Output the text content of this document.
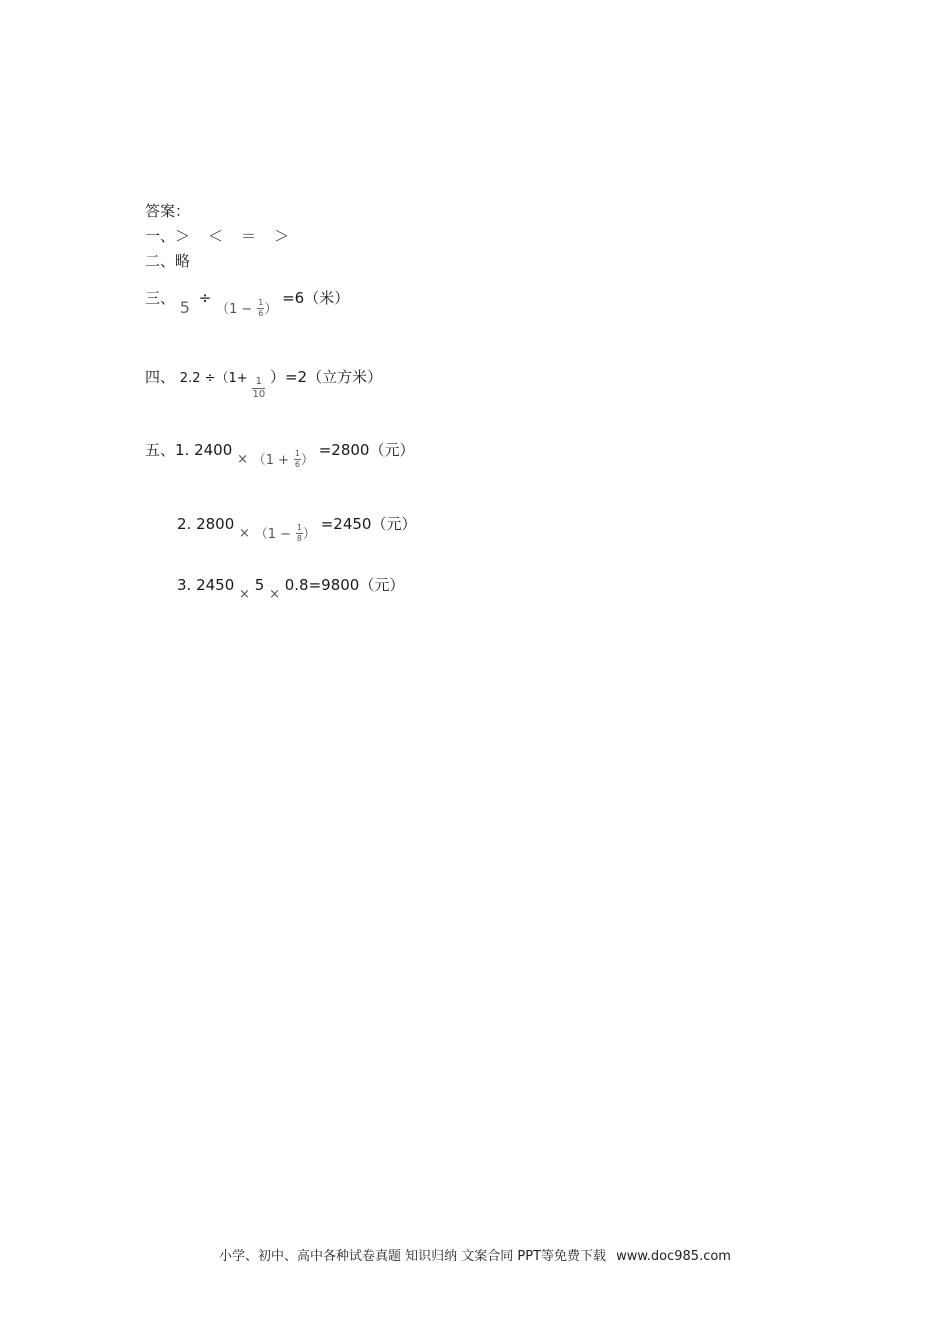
答案：
一、＞ ＜ ＝ ＞
二、略
三、 $5 \div (1 - \frac{1}{6}$ ） =6（米）
四、 $2.2 \div(1+ \frac{1}{10} )=2$（立方米）
五、1. $2400 \times (1 + \frac{1}{6}$ ） =2800（元）
2. $2800 \times (1 - \frac{1}{8}$ ） =2450（元）
3. 2450 × 5 × 0.8=9800（元）
小学、初中、高中各种试卷真题 知识归纳 文案合同 PPT等免费下载 www.doc985.com
